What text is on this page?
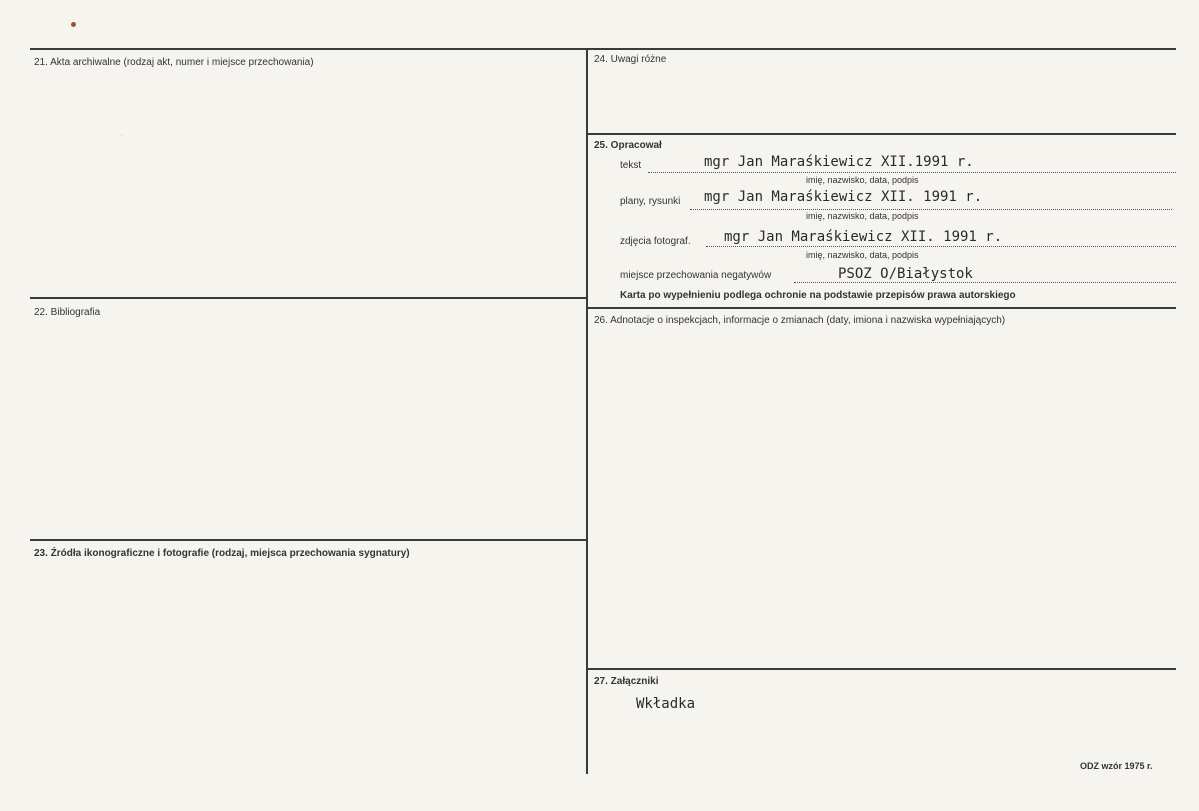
.
21. Akta archiwalne (rodzaj akt, numer i miejsce przechowania)
22. Bibliografia
23. Źródła ikonograficzne i fotografie (rodzaj, miejsca przechowania sygnatury)
24. Uwagi różne
25. Opracował
26. Adnotacje o inspekcjach, informacje o zmianach (daty, imiona i nazwiska wypełniających)
27. Załączniki
tekst	mgr Jan Maraśkiewicz XII.1991 r.
imię, nazwisko, data, podpis
plany, rysunki mgr Jan Maraśkiewicz XII. 1991 r.
imię, nazwisko, data, podpis
zdjęcia fotograf. mgr Jan Maraśkiewicz XII. 1991 r.
imię, nazwisko, data, podpis
miejsce przechowania negatywów	PSOZ O/Białystok
Karta po wypełnieniu podlega ochronie na podstawie przepisów prawa autorskiego
Wkładka
ODZ wzór 1975 r.
